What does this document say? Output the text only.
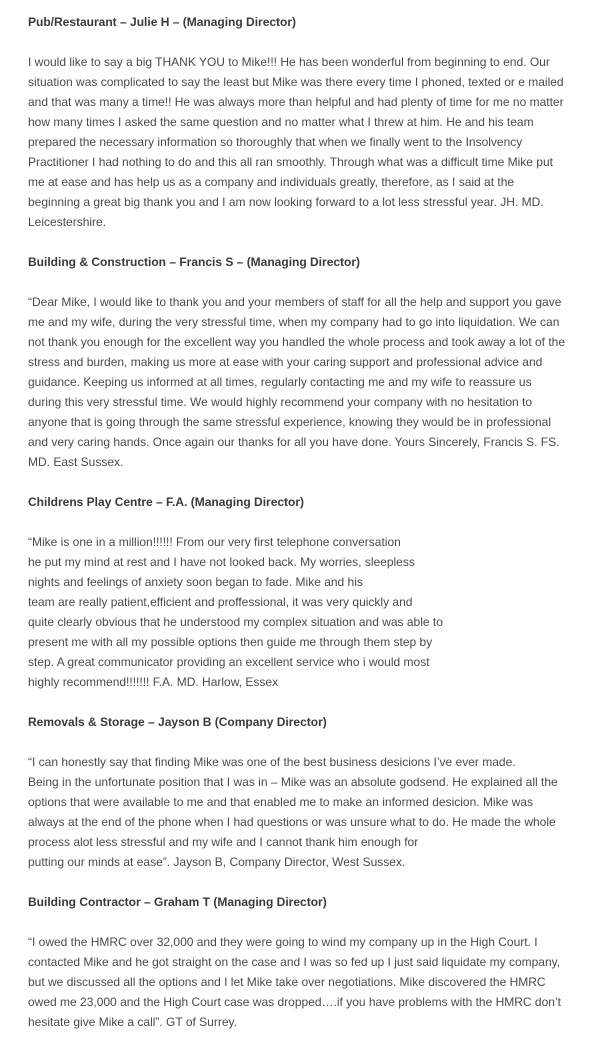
Pub/Restaurant – Julie H – (Managing Director)

I would like to say a big THANK YOU to Mike!!! He has been wonderful from beginning to end. Our
situation was complicated to say the least but Mike was there every time I phoned, texted or e mailed
and that was many a time!! He was always more than helpful and had plenty of time for me no matter
how many times I asked the same question and no matter what I threw at him. He and his team
prepared the necessary information so thoroughly that when we finally went to the Insolvency
Practitioner I had nothing to do and this all ran smoothly. Through what was a difficult time Mike put
me at ease and has help us as a company and individuals greatly, therefore, as I said at the
beginning a great big thank you and I am now looking forward to a lot less stressful year. JH. MD.
Leicestershire.

Building & Construction – Francis S – (Managing Director)

“Dear Mike, I would like to thank you and your members of staff for all the help and support you gave
me and my wife, during the very stressful time, when my company had to go into liquidation. We can
not thank you enough for the excellent way you handled the whole process and took away a lot of the
stress and burden, making us more at ease with your caring support and professional advice and
guidance. Keeping us informed at all times, regularly contacting me and my wife to reassure us
during this very stressful time. We would highly recommend your company with no hesitation to
anyone that is going through the same stressful experience, knowing they would be in professional
and very caring hands. Once again our thanks for all you have done. Yours Sincerely, Francis S. FS.
MD. East Sussex.

Childrens Play Centre – F.A. (Managing Director)

“Mike is one in a million!!!!!! From our very first telephone conversation
he put my mind at rest and I have not looked back. My worries, sleepless
nights and feelings of anxiety soon began to fade. Mike and his
team are really patient,efficient and proffessional, it was very quickly and
quite clearly obvious that he understood my complex situation and was able to
present me with all my possible options then guide me through them step by
step. A great communicator providing an excellent service who i would most
highly recommend!!!!!!! F.A. MD. Harlow, Essex

Removals & Storage – Jayson B (Company Director)

“I can honestly say that finding Mike was one of the best business desicions I’ve ever made.
Being in the unfortunate position that I was in – Mike was an absolute godsend. He explained all the
options that were available to me and that enabled me to make an informed desicion. Mike was
always at the end of the phone when I had questions or was unsure what to do. He made the whole
process alot less stressful and my wife and I cannot thank him enough for
putting our minds at ease”. Jayson B, Company Director, West Sussex.

Building Contractor – Graham T (Managing Director)

“I owed the HMRC over 32,000 and they were going to wind my company up in the High Court. I
contacted Mike and he got straight on the case and I was so fed up I just said liquidate my company,
but we discussed all the options and I let Mike take over negotiations. Mike discovered the HMRC
owed me 23,000 and the High Court case was dropped….if you have problems with the HMRC don’t
hesitate give Mike a call”. GT of Surrey.
